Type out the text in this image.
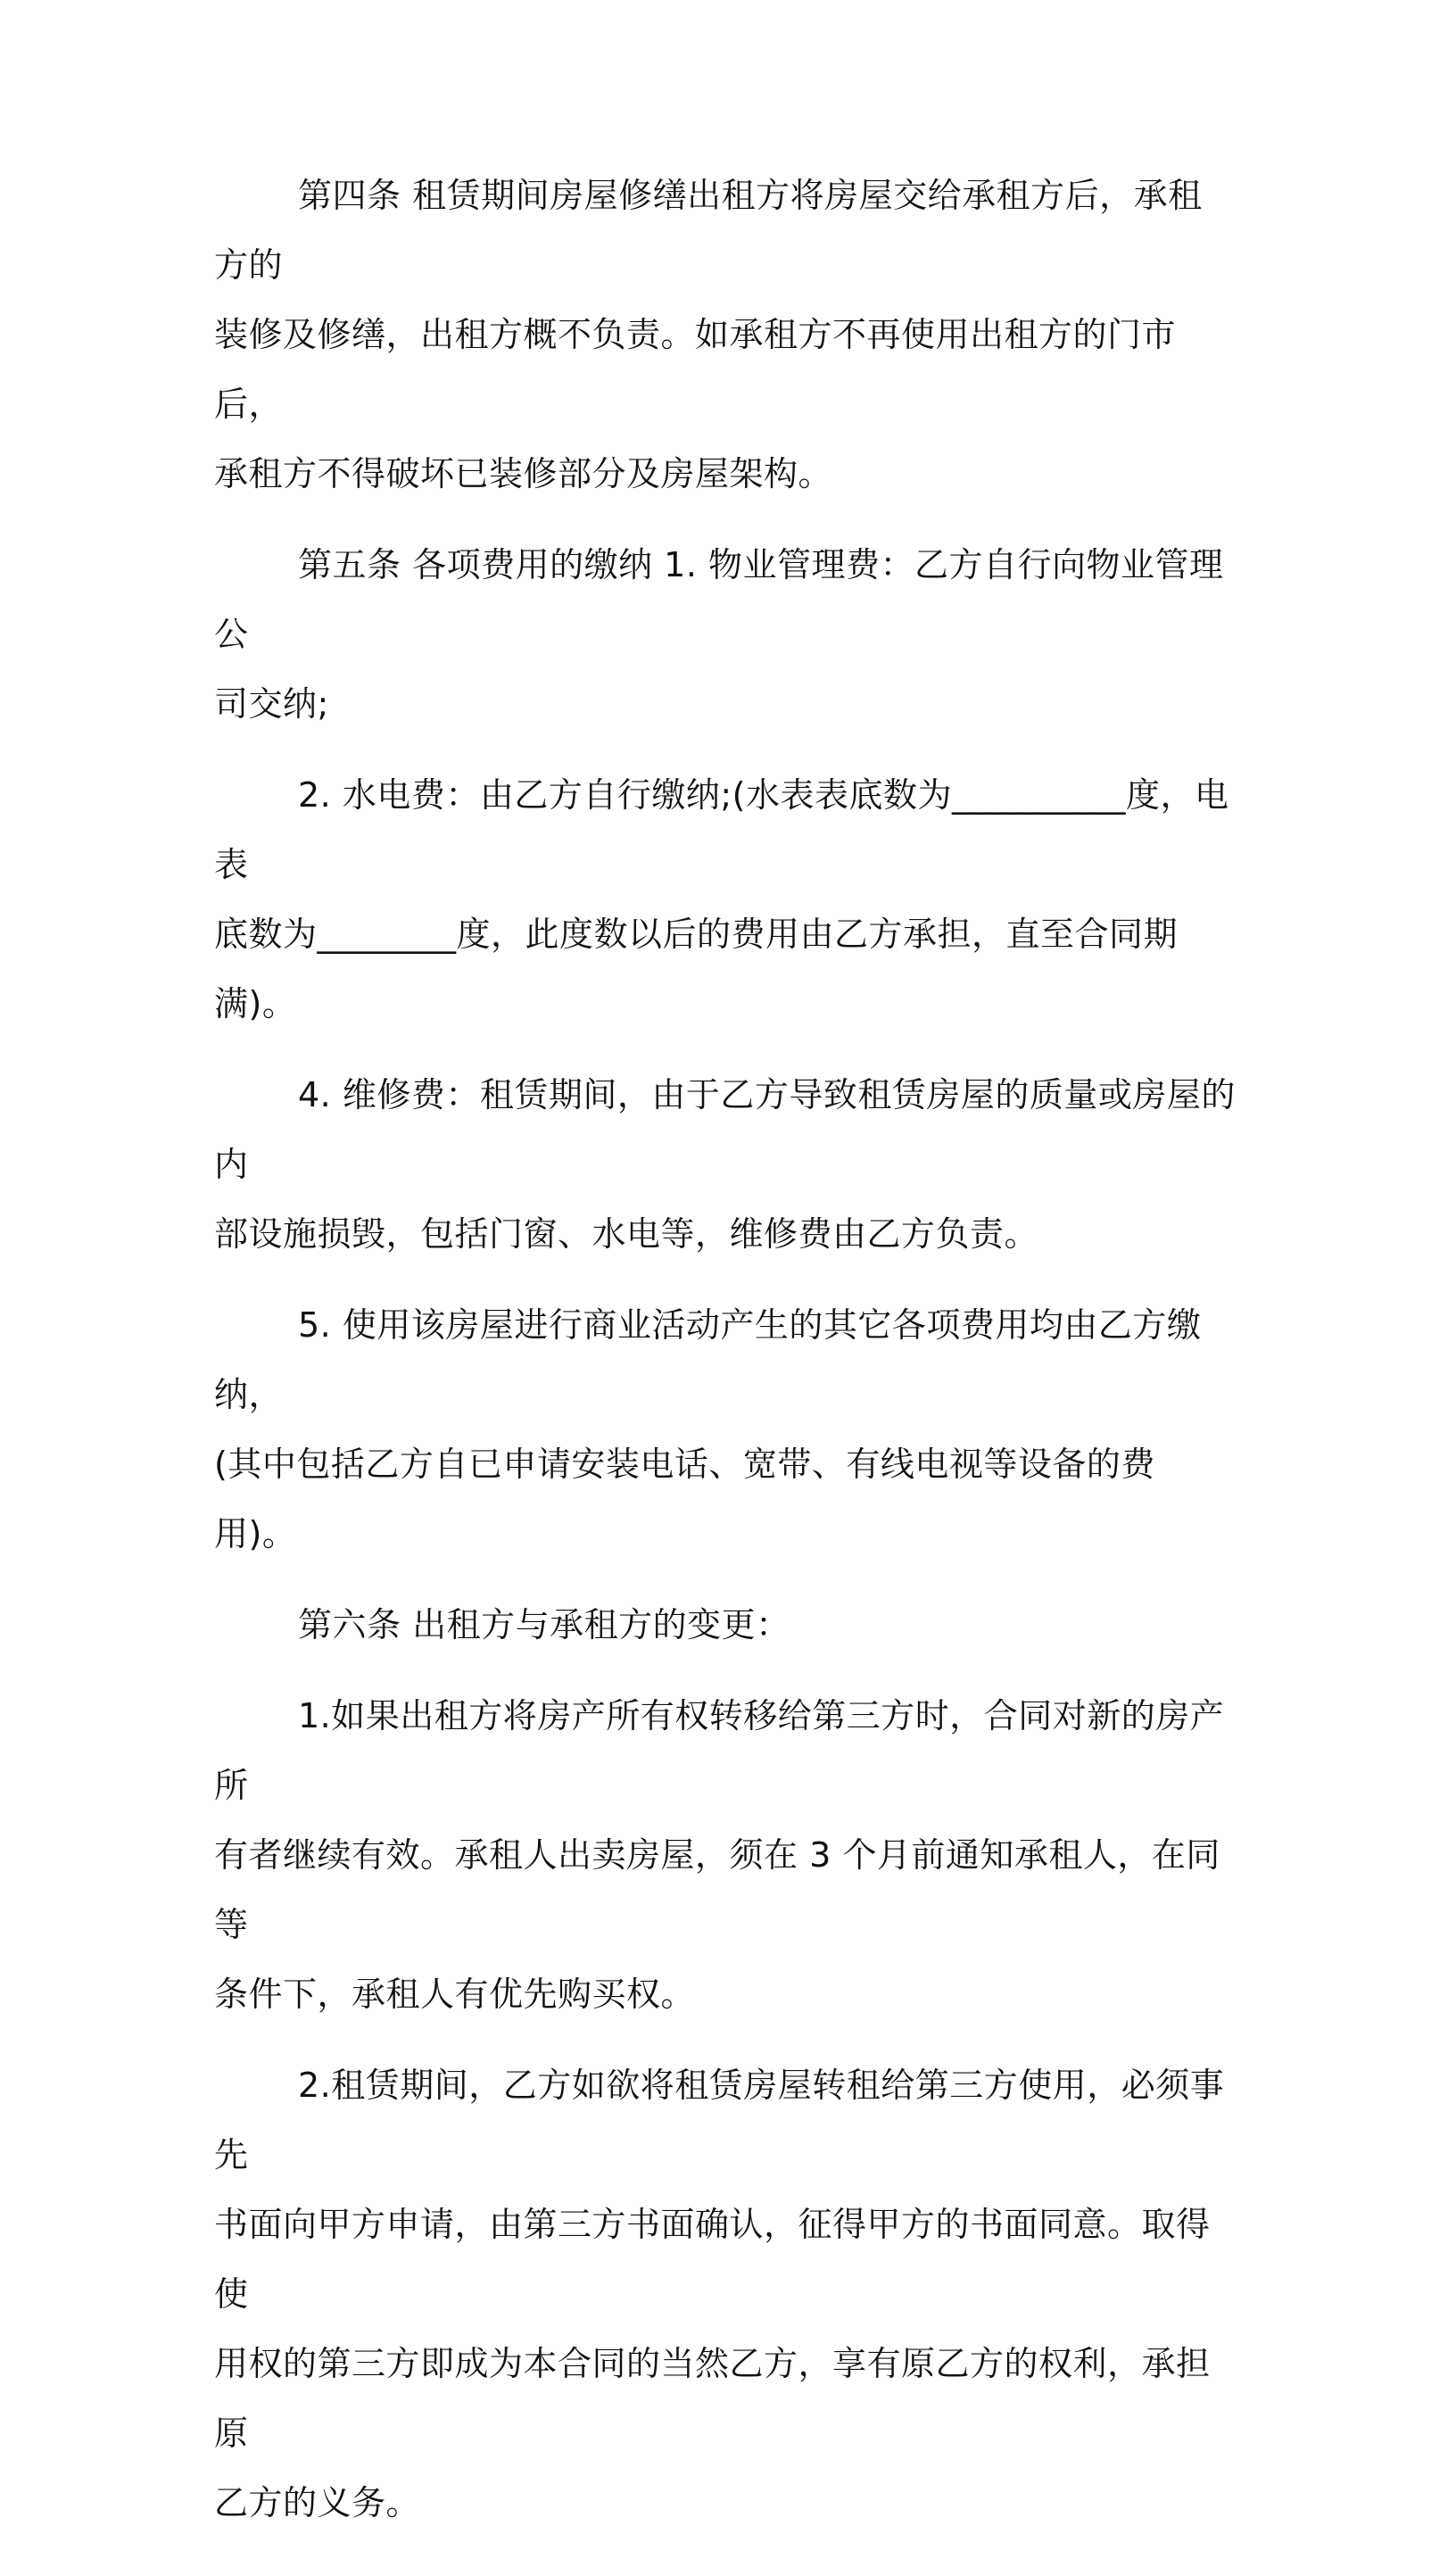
第四条 租赁期间房屋修缮出租方将房屋交给承租方后，承租方的
装修及修缮，出租方概不负责。如承租方不再使用出租方的门市后，
承租方不得破坏已装修部分及房屋架构。

第五条 各项费用的缴纳 1. 物业管理费：乙方自行向物业管理公
司交纳;

2. 水电费：由乙方自行缴纳;(水表表底数为__________度，电表
底数为________度，此度数以后的费用由乙方承担，直至合同期满)。

4. 维修费：租赁期间，由于乙方导致租赁房屋的质量或房屋的内
部设施损毁，包括门窗、水电等，维修费由乙方负责。

5. 使用该房屋进行商业活动产生的其它各项费用均由乙方缴纳，
(其中包括乙方自已申请安装电话、宽带、有线电视等设备的费用)。

第六条 出租方与承租方的变更：

1.如果出租方将房产所有权转移给第三方时，合同对新的房产所
有者继续有效。承租人出卖房屋，须在 3 个月前通知承租人，在同等
条件下，承租人有优先购买权。

2.租赁期间，乙方如欲将租赁房屋转租给第三方使用，必须事先
书面向甲方申请，由第三方书面确认，征得甲方的书面同意。取得使
用权的第三方即成为本合同的当然乙方，享有原乙方的权利，承担原
乙方的义务。
